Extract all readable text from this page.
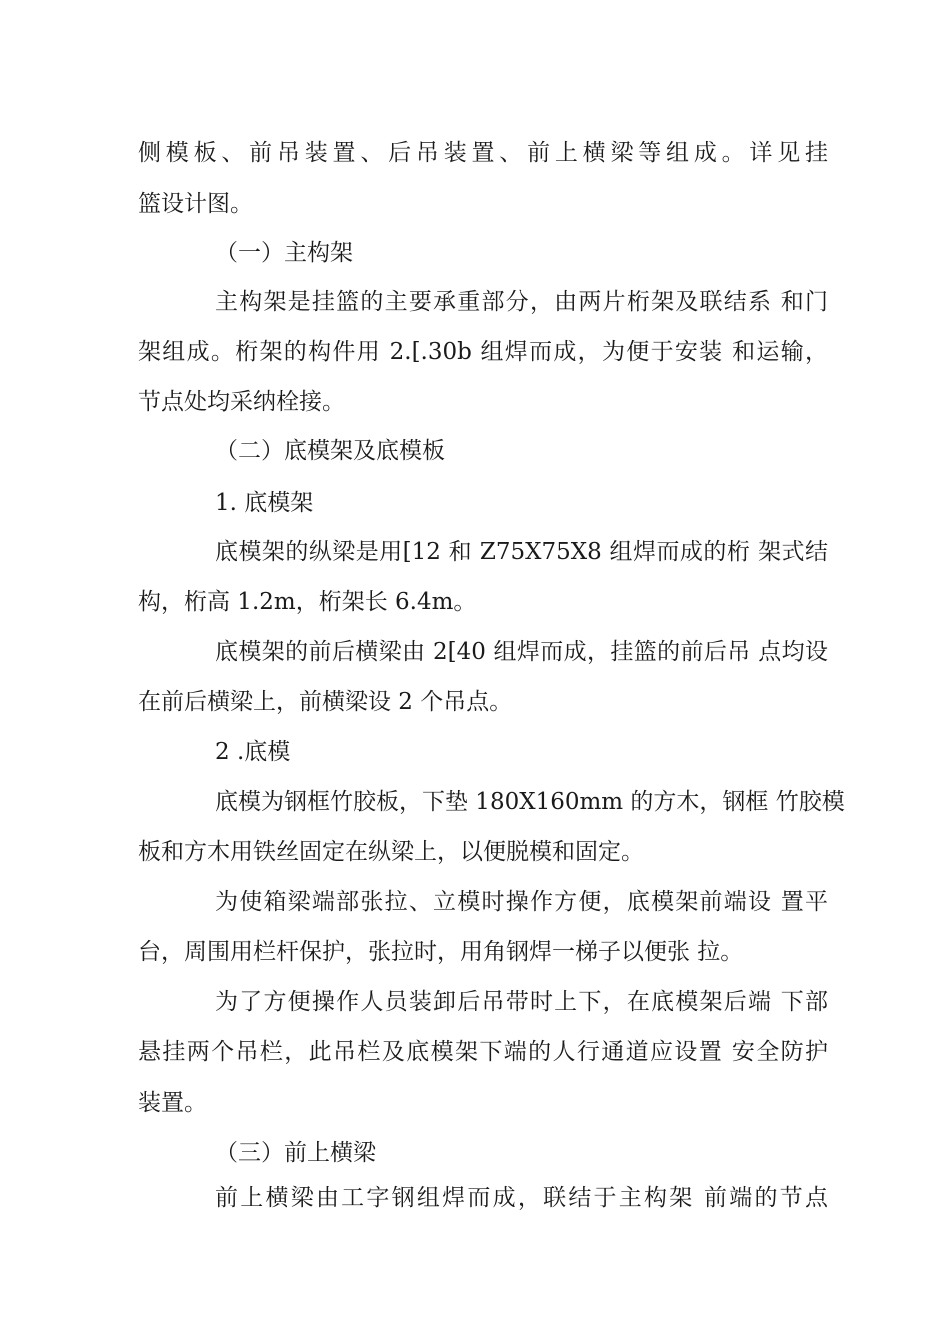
侧模板、前吊装置、后吊装置、前上横梁等组成。详见挂

篮设计图。

（一）主构架

主构架是挂篮的主要承重部分，由两片桁架及联结系 和门

架组成。桁架的构件用 2.[.30b 组焊而成，为便于安装 和运输，

节点处均采纳栓接。

（二）底模架及底模板

1. 底模架

底模架的纵梁是用[12 和 Z75X75X8 组焊而成的桁 架式结

构，桁高 1.2m，桁架长 6.4m。

底模架的前后横梁由 2[40 组焊而成，挂篮的前后吊 点均设

在前后横梁上，前横梁设 2 个吊点。

2 .底模

底模为钢框竹胶板，下垫 180X160mm 的方木，钢框 竹胶模

板和方木用铁丝固定在纵梁上，以便脱模和固定。

为使箱梁端部张拉、立模时操作方便，底模架前端设 置平

台，周围用栏杆保护，张拉时，用角钢焊一梯子以便张 拉。

为了方便操作人员装卸后吊带时上下，在底模架后端 下部

悬挂两个吊栏，此吊栏及底模架下端的人行通道应设置 安全防护

装置。

（三）前上横梁

前上横梁由工字钢组焊而成，联结于主构架 前端的节点
